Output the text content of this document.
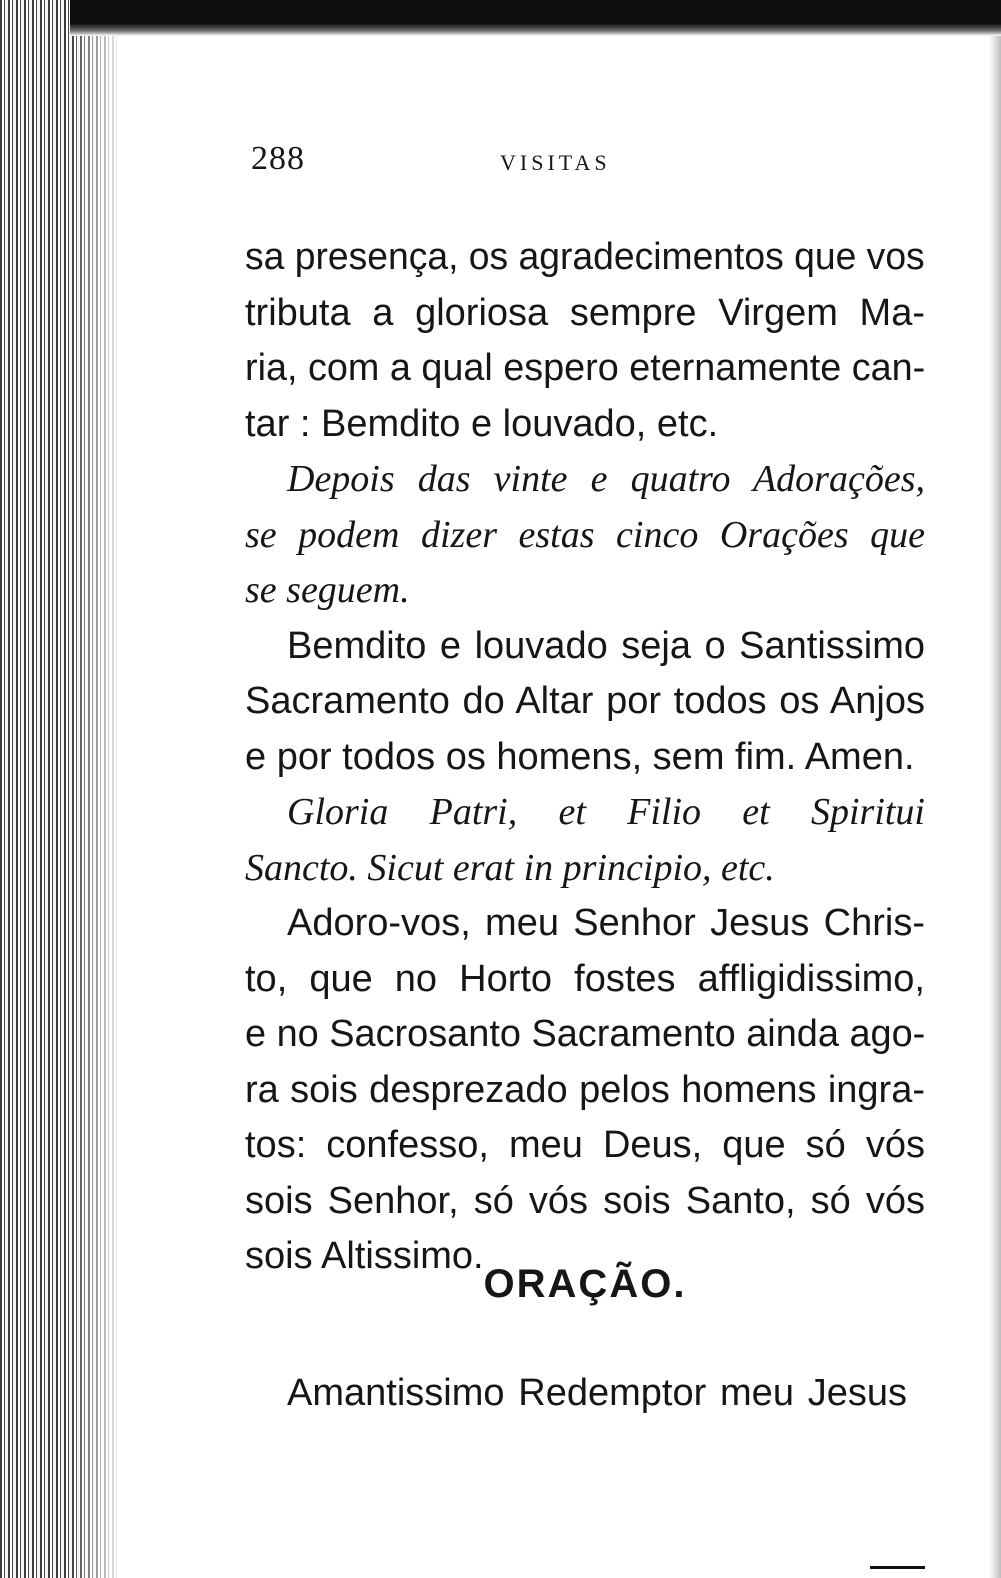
288	VISITAS
sa presença, os agradecimentos que vos
tributa a gloriosa sempre Virgem Ma-
ria, com a qual espero eternamente can-
tar : Bemdito e louvado, etc.
Depois das vinte e quatro Adorações,
se podem dizer estas cinco Orações que
se seguem.
Bemdito e louvado seja o Santissimo
Sacramento do Altar por todos os Anjos
e por todos os homens, sem fim. Amen.
Gloria Patri, et Filio et Spiritui
Sancto. Sicut erat in principio, etc.
Adoro-vos, meu Senhor Jesus Chris-
to, que no Horto fostes affligidissimo,
e no Sacrosanto Sacramento ainda ago-
ra sois desprezado pelos homens ingra-
tos: confesso, meu Deus, que só vós
sois Senhor, só vós sois Santo, só vós
sois Altissimo.
ORAÇÃO.
Amantissimo Redemptor meu Jesus
